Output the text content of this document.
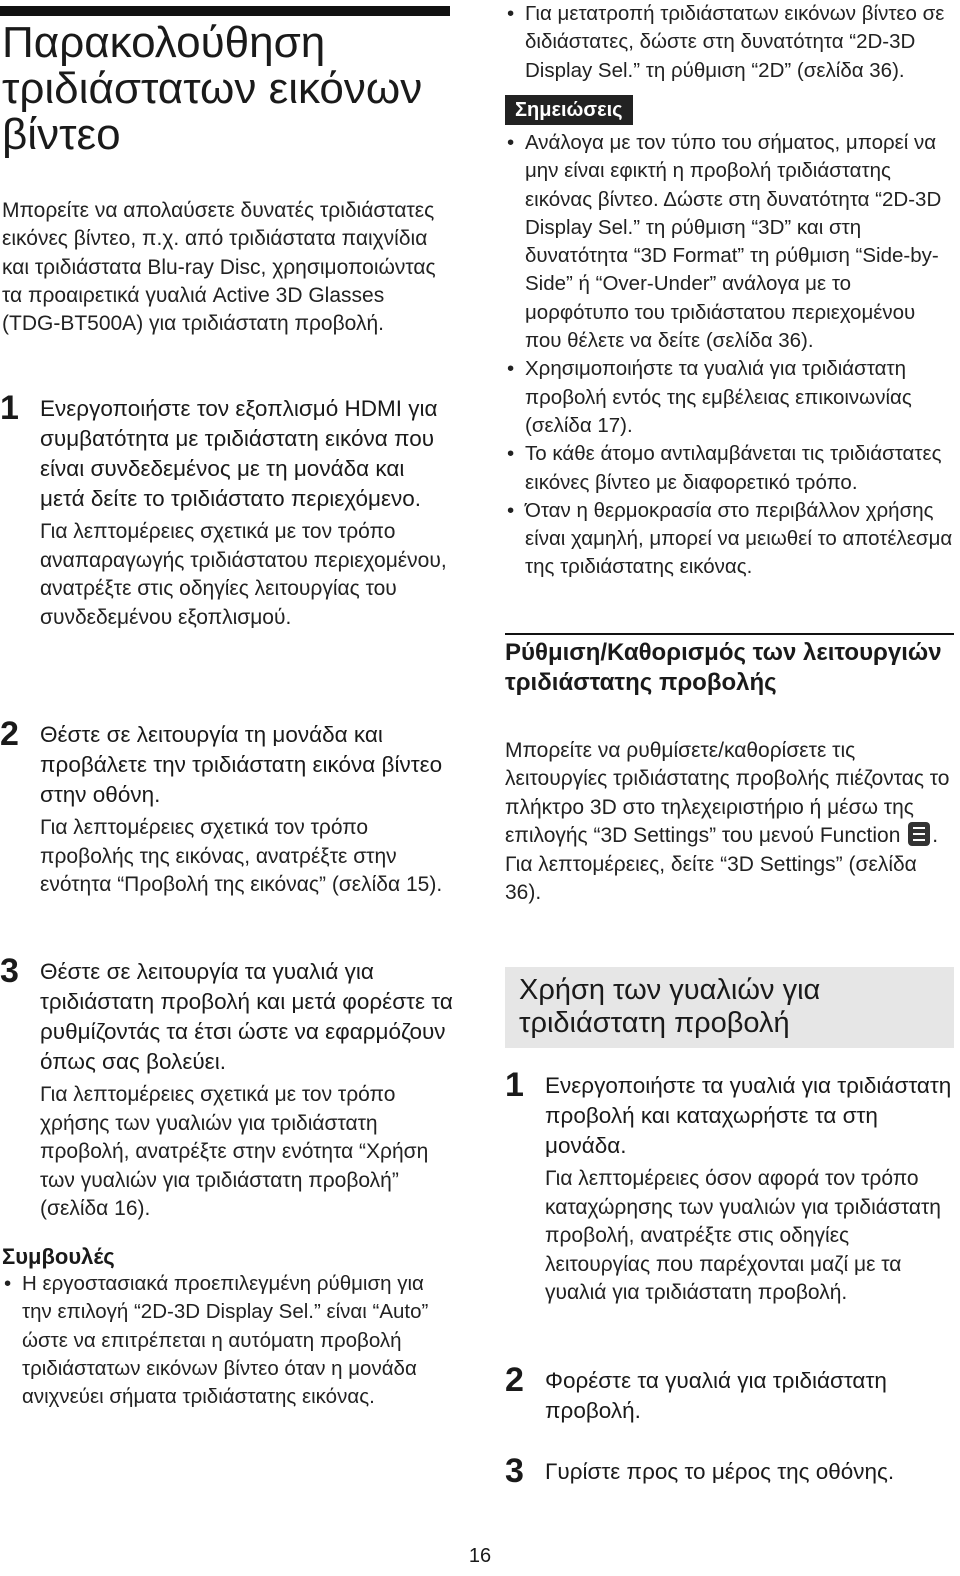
Παρακολούθηση τριδιάστατων εικόνων βίντεο

Μπορείτε να απολαύσετε δυνατές τριδιάστατες εικόνες βίντεο, π.χ. από τριδιάστατα παιχνίδια και τριδιάστατα Blu-ray Disc, χρησιμοποιώντας τα προαιρετικά γυαλιά Active 3D Glasses (TDG-BT500A) για τριδιάστατη προβολή.

1 Ενεργοποιήστε τον εξοπλισμό HDMI για συμβατότητα με τριδιάστατη εικόνα που είναι συνδεδεμένος με τη μονάδα και μετά δείτε το τριδιάστατο περιεχόμενο.
Για λεπτομέρειες σχετικά με τον τρόπο αναπαραγωγής τριδιάστατου περιεχομένου, ανατρέξτε στις οδηγίες λειτουργίας του συνδεδεμένου εξοπλισμού.
2 Θέστε σε λειτουργία τη μονάδα και προβάλετε την τριδιάστατη εικόνα βίντεο στην οθόνη.
Για λεπτομέρειες σχετικά τον τρόπο προβολής της εικόνας, ανατρέξτε στην ενότητα “Προβολή της εικόνας” (σελίδα 15).
3 Θέστε σε λειτουργία τα γυαλιά για τριδιάστατη προβολή και μετά φορέστε τα ρυθμίζοντάς τα έτσι ώστε να εφαρμόζουν όπως σας βολεύει.
Για λεπτομέρειες σχετικά με τον τρόπο χρήσης των γυαλιών για τριδιάστατη προβολή, ανατρέξτε στην ενότητα “Χρήση των γυαλιών για τριδιάστατη προβολή” (σελίδα 16).
Συμβουλές
• Η εργοστασιακά προεπιλεγμένη ρύθμιση για την επιλογή “2D-3D Display Sel.” είναι “Auto” ώστε να επιτρέπεται η αυτόματη προβολή τριδιάστατων εικόνων βίντεο όταν η μονάδα ανιχνεύει σήματα τριδιάστατης εικόνας.
• Για μετατροπή τριδιάστατων εικόνων βίντεο σε διδιάστατες, δώστε στη δυνατότητα “2D-3D Display Sel.” τη ρύθμιση “2D” (σελίδα 36).
Σημειώσεις
• Ανάλογα με τον τύπο του σήματος, μπορεί να μην είναι εφικτή η προβολή τριδιάστατης εικόνας βίντεο. Δώστε στη δυνατότητα “2D-3D Display Sel.” τη ρύθμιση “3D” και στη δυνατότητα “3D Format” τη ρύθμιση “Side-by-Side” ή “Over-Under” ανάλογα με το μορφότυπο του τριδιάστατου περιεχομένου που θέλετε να δείτε (σελίδα 36).
• Χρησιμοποιήστε τα γυαλιά για τριδιάστατη προβολή εντός της εμβέλειας επικοινωνίας (σελίδα 17).
• Το κάθε άτομο αντιλαμβάνεται τις τριδιάστατες εικόνες βίντεο με διαφορετικό τρόπο.
• Όταν η θερμοκρασία στο περιβάλλον χρήσης είναι χαμηλή, μπορεί να μειωθεί το αποτέλεσμα της τριδιάστατης εικόνας.
Ρύθμιση/Καθορισμός των λειτουργιών τριδιάστατης προβολής

Μπορείτε να ρυθμίσετε/καθορίσετε τις λειτουργίες τριδιάστατης προβολής πιέζοντας το πλήκτρο 3D στο τηλεχειριστήριο ή μέσω της επιλογής “3D Settings” του μενού Function . Για λεπτομέρειες, δείτε “3D Settings” (σελίδα 36).

Χρήση των γυαλιών για τριδιάστατη προβολή
1 Ενεργοποιήστε τα γυαλιά για τριδιάστατη προβολή και καταχωρήστε τα στη μονάδα.
Για λεπτομέρειες όσον αφορά τον τρόπο καταχώρησης των γυαλιών για τριδιάστατη προβολή, ανατρέξτε στις οδηγίες λειτουργίας που παρέχονται μαζί με τα γυαλιά για τριδιάστατη προβολή.
2 Φορέστε τα γυαλιά για τριδιάστατη προβολή.
3 Γυρίστε προς το μέρος της οθόνης.
16
